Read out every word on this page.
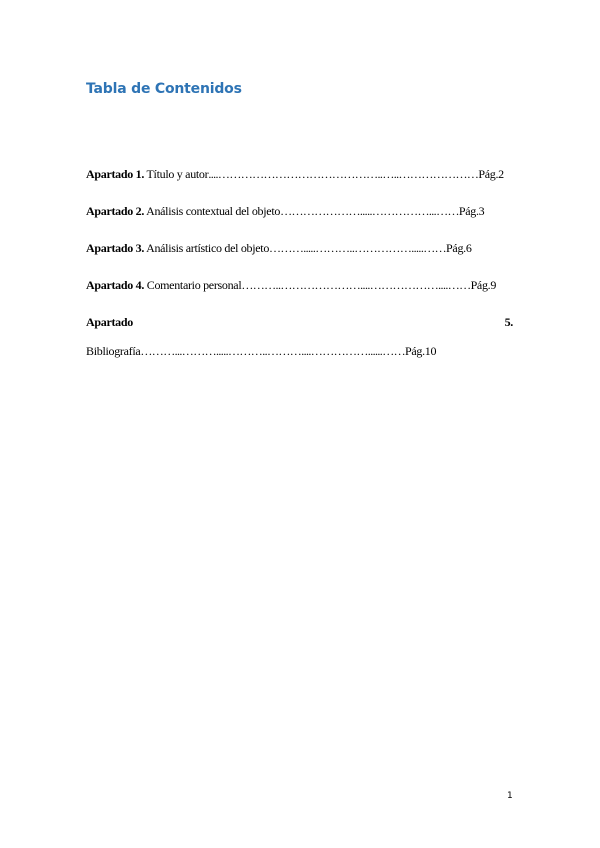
Tabla de Contenidos
Apartado 1. Título y autor....……………………………………..…..…………………Pág.2
Apartado 2. Análisis contextual del objeto………………….....……………...……Pág.3
Apartado 3. Análisis artístico del objeto……….....………..…………….....……Pág.6
Apartado 4. Comentario personal………..…………………....………………....……Pág.9
Apartado	5.
Bibliografía………...……….....………..………....……………......……Pág.10
1
